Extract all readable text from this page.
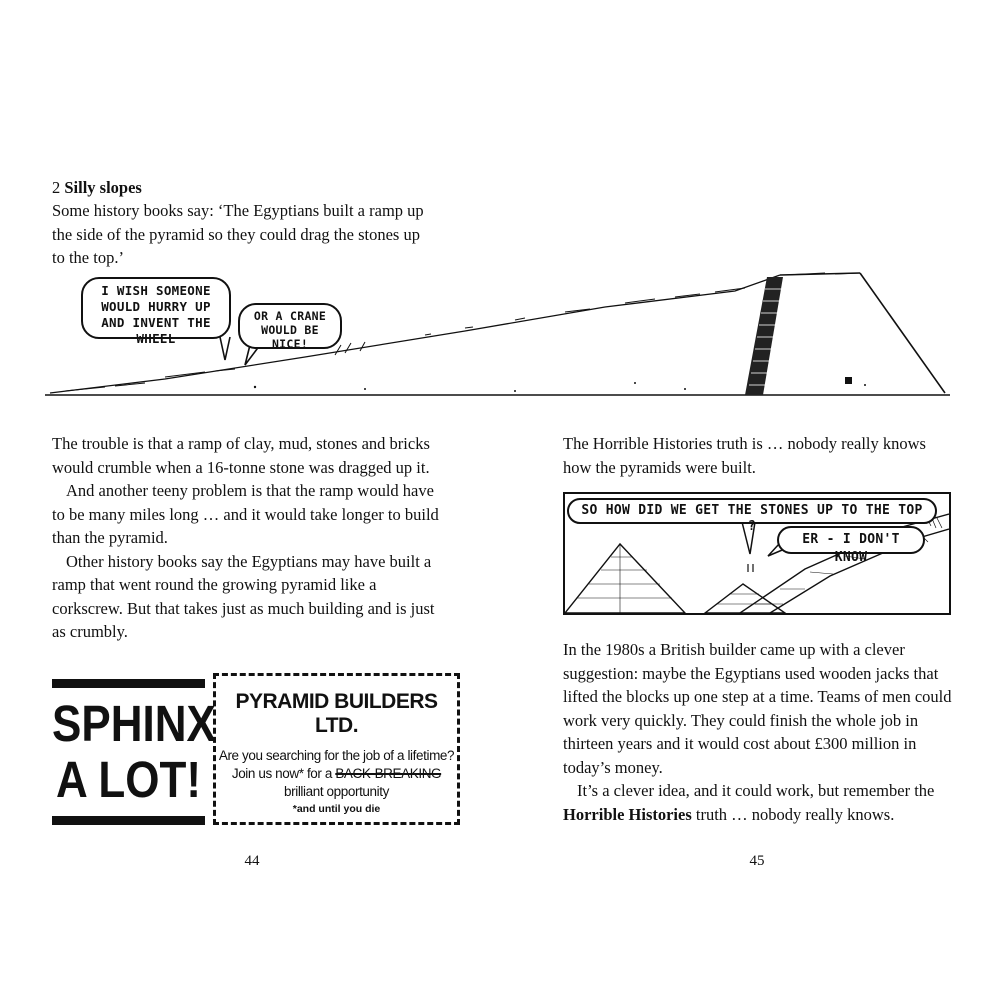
2 Silly slopes
Some history books say: ‘The Egyptians built a ramp up the side of the pyramid so they could drag the stones up to the top.’
I WISH SOMEONE WOULD HURRY UP AND INVENT THE WHEEL
OR A CRANE WOULD BE NICE!

The trouble is that a ramp of clay, mud, stones and bricks would crumble when a 16-tonne stone was dragged up it.

And another teeny problem is that the ramp would have to be many miles long … and it would take longer to build than the pyramid.

Other history books say the Egyptians may have built a ramp that went round the growing pyramid like a corkscrew. But that takes just as much building and is just as crumbly.

SPHINX
A LOT!
PYRAMID BUILDERS LTD.
Are you searching for the job of a lifetime?
Join us now* for a BACK-BREAKING
brilliant opportunity
*and until you die
44
The Horrible Histories truth is … nobody really knows how the pyramids were built.
SO HOW DID WE GET THE STONES UP TO THE TOP ?
ER - I DON'T KNOW

In the 1980s a British builder came up with a clever suggestion: maybe the Egyptians used wooden jacks that lifted the blocks up one step at a time. Teams of men could work very quickly. They could finish the whole job in thirteen years and it would cost about £300 million in today’s money.

It’s a clever idea, and it could work, but remember the Horrible Histories truth … nobody really knows.

45
